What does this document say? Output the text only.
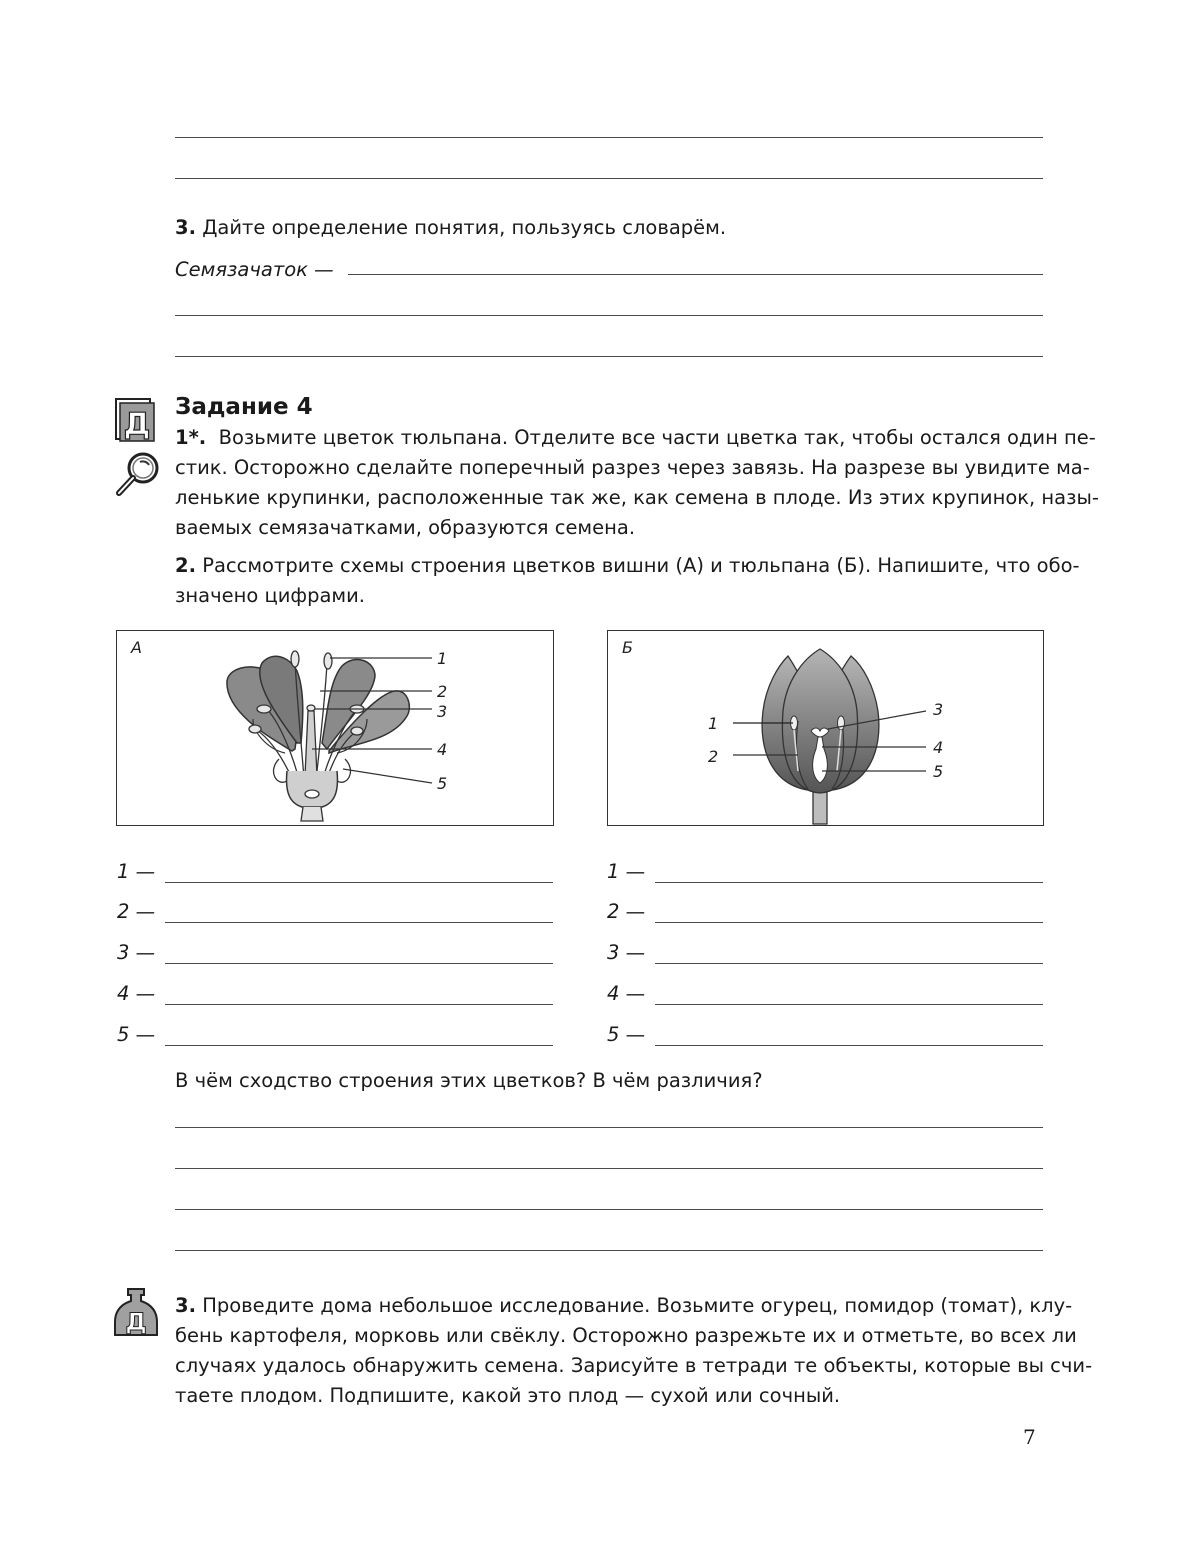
3. Дайте определение понятия, пользуясь словарём.
Семязачаток —
Д Задание 4
1*. Возьмите цветок тюльпана. Отделите все части цветка так, чтобы остался один пе-
стик. Осторожно сделайте поперечный разрез через завязь. На разрезе вы увидите ма-
ленькие крупинки, расположенные так же, как семена в плоде. Из этих крупинок, назы-
ваемых семязачатками, образуются семена.
2. Рассмотрите схемы строения цветков вишни (А) и тюльпана (Б). Напишите, что обо-
значено цифрами.
А
1
2
3
4
5
Б
1
2
3
4
5
1 —
2 —
3 —
4 —
5 —
1 —
2 —
3 —
4 —
5 —
В чём сходство строения этих цветков? В чём различия?
Д
3. Проведите дома небольшое исследование. Возьмите огурец, помидор (томат), клу-
бень картофеля, морковь или свёклу. Осторожно разрежьте их и отметьте, во всех ли
случаях удалось обнаружить семена. Зарисуйте в тетради те объекты, которые вы счи-
таете плодом. Подпишите, какой это плод — сухой или сочный.
7
